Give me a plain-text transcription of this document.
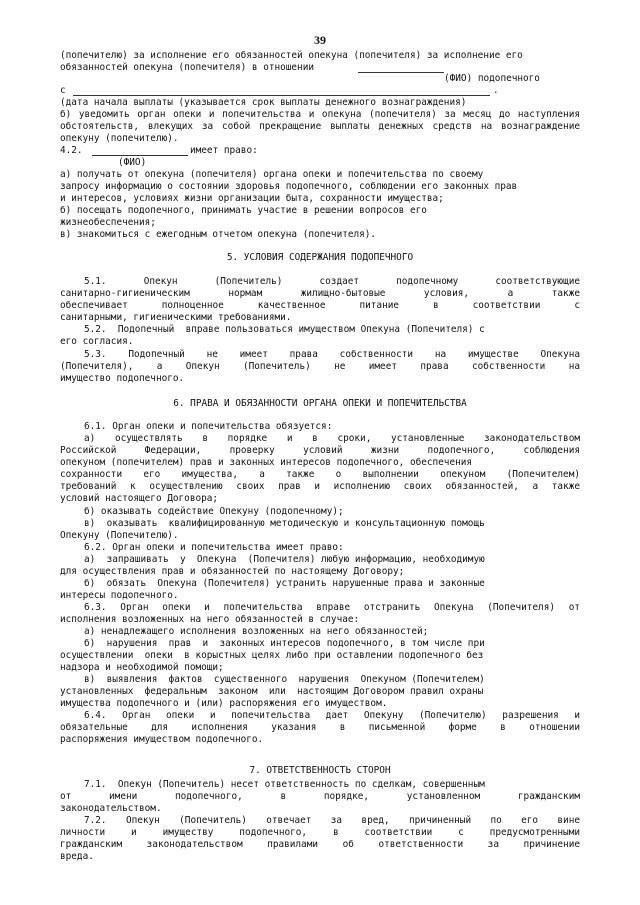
39
(попечителю) за исполнение его обязанностей опекуна (попечителя) за исполнение его
обязанностей опекуна (попечителя) в отношении
(ФИО) подопечного
с	.
(дата начала выплаты (указывается срок выплаты денежного вознаграждения)
б) уведомить орган опеки и попечительства и опекуна (попечителя) за месяц до наступления
обстоятельств, влекущих за собой прекращение выплаты денежных средств на вознаграждение
опекуну (попечителю).
4.2.	имеет право:
(ФИО)
а) получать от опекуна (попечителя) органа опеки и попечительства по своему
запросу информацию о состоянии здоровья подопечного, соблюдении его законных прав
и интересов, условиях жизни организации быта, сохранности имущества;
б) посещать подопечного, принимать участие в решении вопросов его
жизнеобеспечения;
в) знакомиться с ежегодным отчетом опекуна (попечителя).
5. УСЛОВИЯ СОДЕРЖАНИЯ ПОДОПЕЧНОГО
5.1. Опекун (Попечитель) создает подопечному соответствующие
санитарно-гигиеническим нормам жилищно-бытовые условия, а также
обеспечивает полноценное качественное питание в соответствии с
санитарными, гигиеническими требованиями.
5.2.  Подопечный  вправе пользоваться имуществом Опекуна (Попечителя) с
его согласия.
5.3. Подопечный не имеет права собственности на имуществе Опекуна
(Попечителя), а Опекун (Попечитель) не имеет права собственности на
имущество подопечного.
6. ПРАВА И ОБЯЗАННОСТИ ОРГАНА ОПЕКИ И ПОПЕЧИТЕЛЬСТВА
6.1. Орган опеки и попечительства обязуется:
а) осуществлять в порядке и в сроки, установленные законодательством
Российской Федерации, проверку условий жизни подопечного, соблюдения
опекуном (попечителем) прав и законных интересов подопечного, обеспечения
сохранности его имущества, а также о выполнении опекуном (Попечителем)
требований к осуществлению своих прав и исполнению своих обязанностей, а также
условий настоящего Договора;
б) оказывать содействие Опекуну (подопечному);
в)  оказывать  квалифицированную методическую и консультационную помощь
Опекуну (Попечителю).
6.2. Орган опеки и попечительства имеет право:
а)  запрашивать  у  Опекуна  (Попечителя) любую информацию, необходимую
для осуществления прав и обязанностей по настоящему Договору;
б)  обязать  Опекуна (Попечителя) устранить нарушенные права и законные
интересы подопечного.
6.3. Орган опеки и попечительства вправе отстранить Опекуна (Попечителя) от
исполнения возложенных на него обязанностей в случае:
а) ненадлежащего исполнения возложенных на него обязанностей;
б)  нарушения  прав  и  законных интересов подопечного, в том числе при
осуществлении  опеки  в корыстных целях либо при оставлении подопечного без
надзора и необходимой помощи;
в)  выявления  фактов  существенного  нарушения  Опекуном (Попечителем)
установленных  федеральным  законом  или  настоящим Договором правил охраны
имущества подопечного и (или) распоряжения его имуществом.
6.4. Орган опеки и попечительства дает Опекуну (Попечителю) разрешения и
обязательные для исполнения указания в письменной форме в отношении
распоряжения имуществом подопечного.
7. ОТВЕТСТВЕННОСТЬ СТОРОН
7.1.  Опекун (Попечитель) несет ответственность по сделкам, совершенным
от имени подопечного, в порядке, установленном гражданским
законодательством.
7.2. Опекун (Попечитель) отвечает за вред, причиненный по его вине
личности и имуществу подопечного, в соответствии с предусмотренными
гражданским законодательством правилами об ответственности за причинение
вреда.
